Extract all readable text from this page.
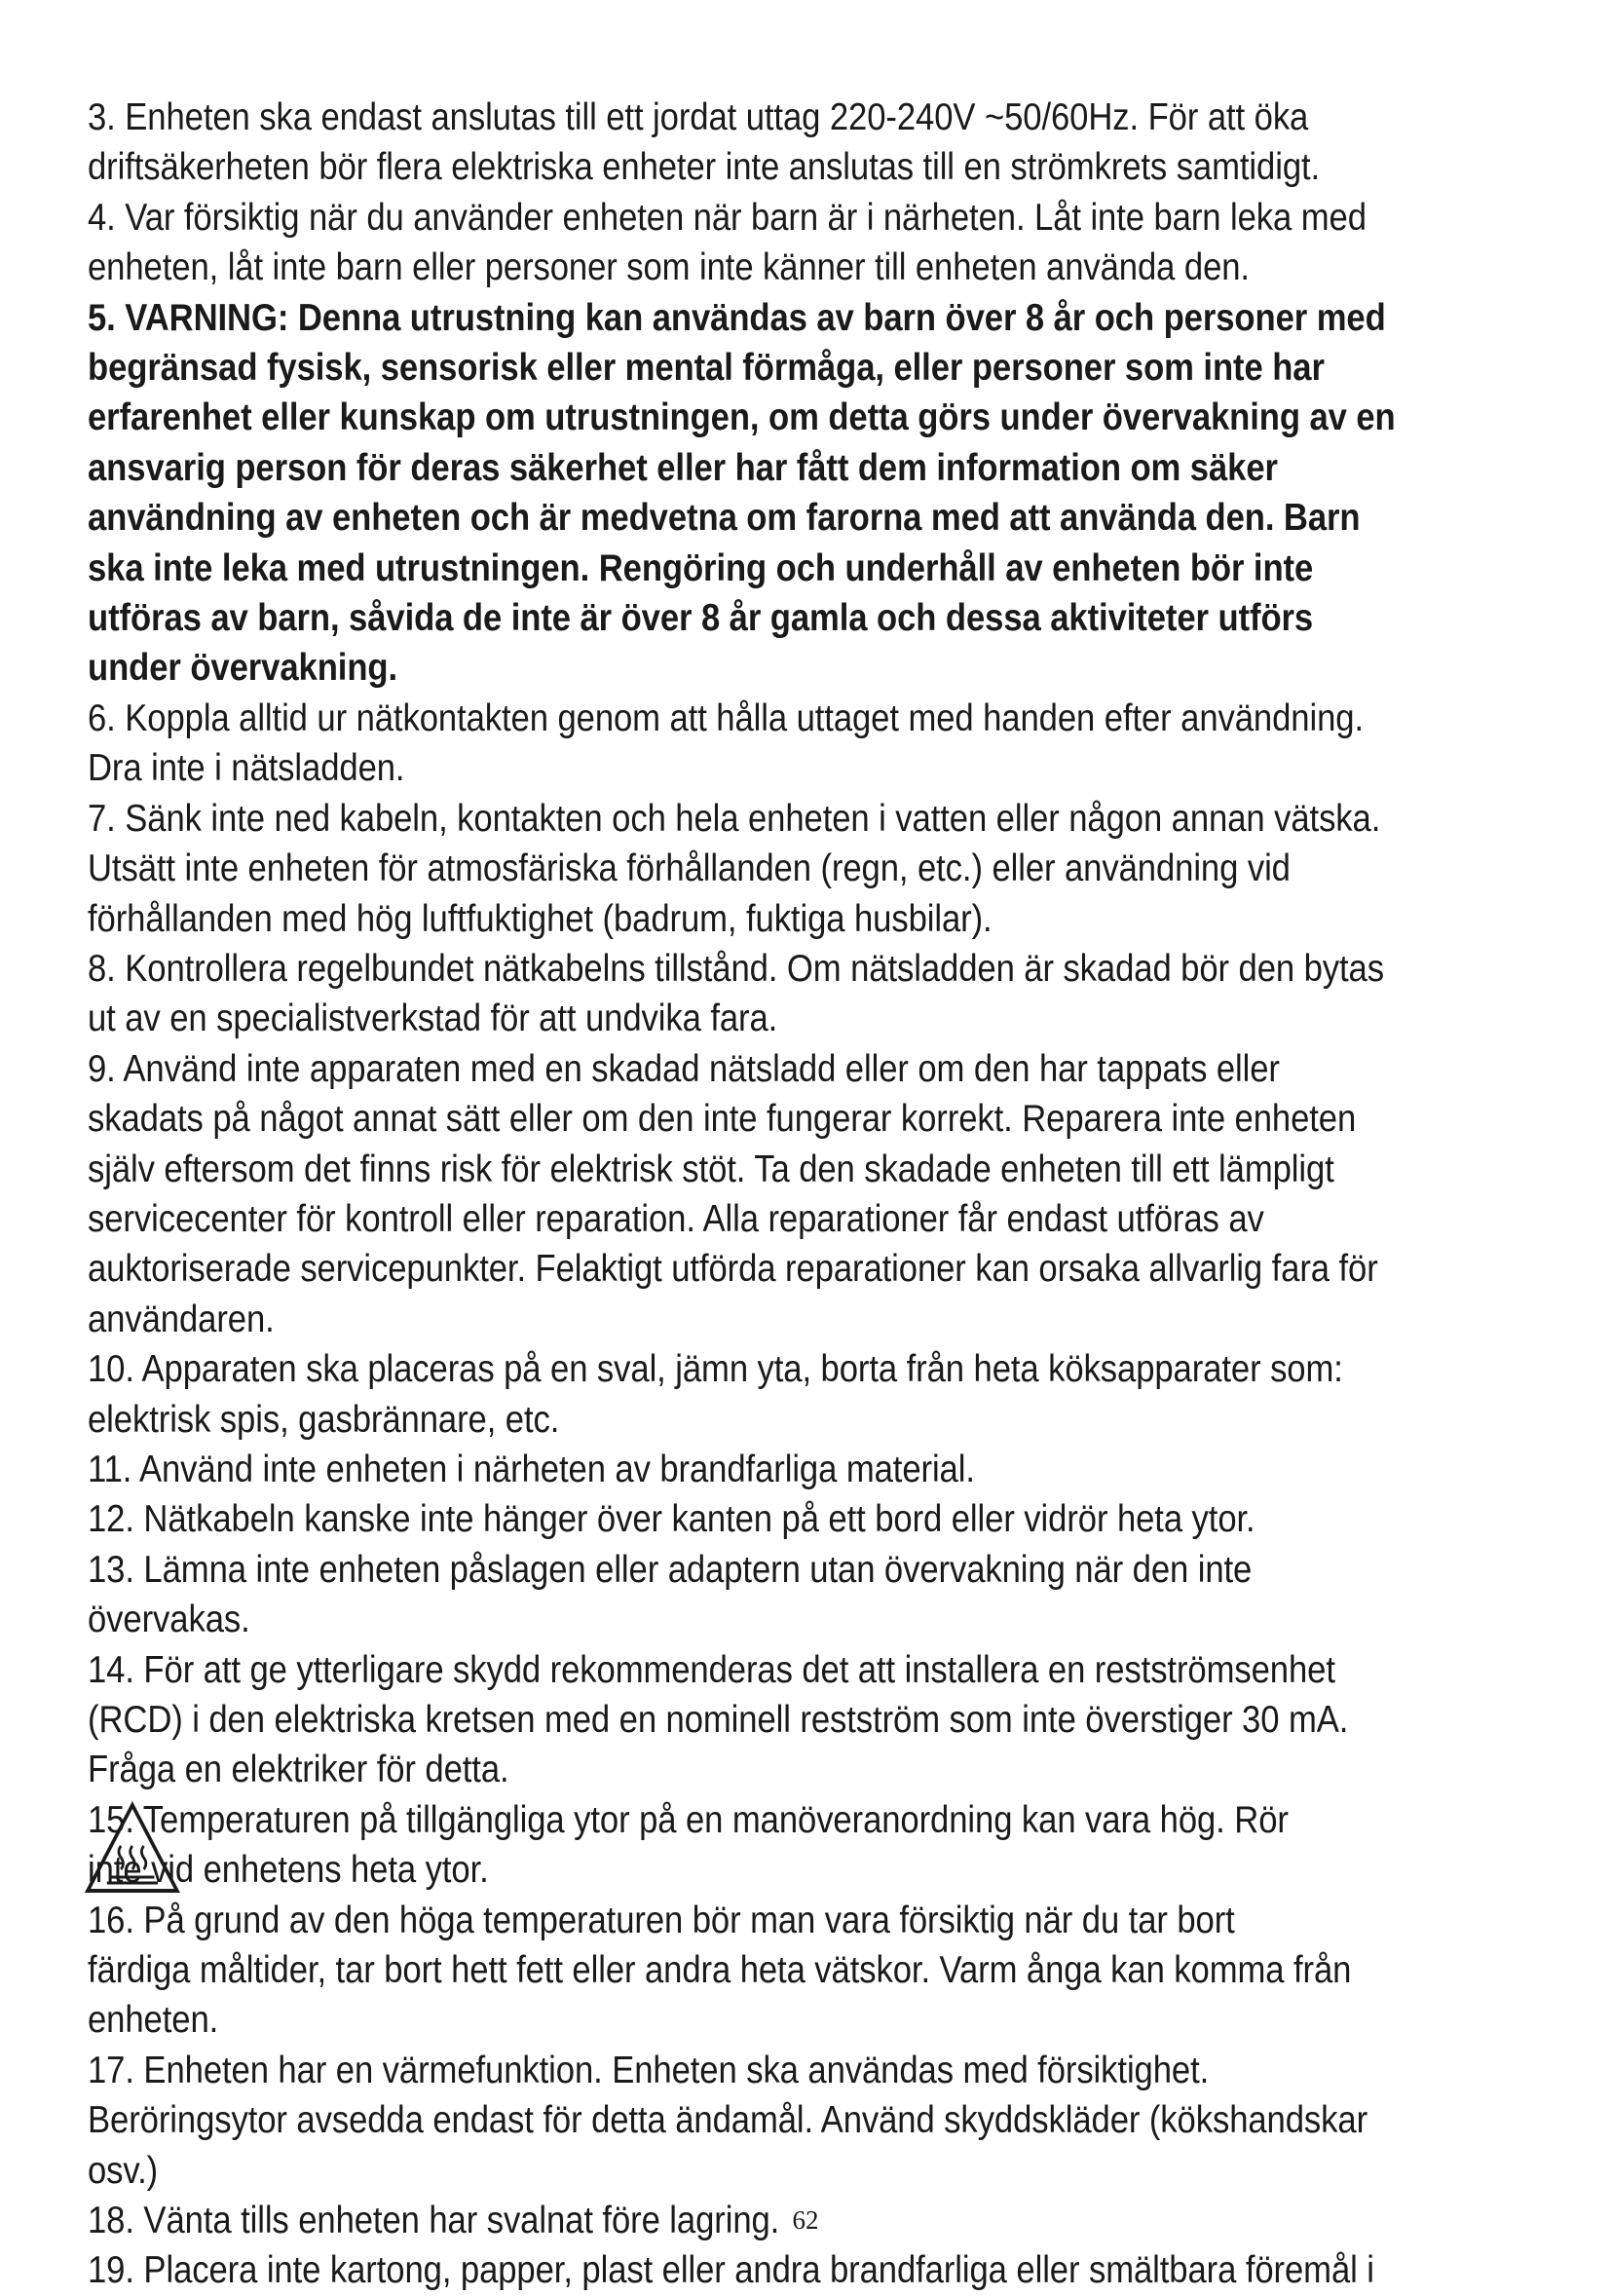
3. Enheten ska endast anslutas till ett jordat uttag 220-240V ~50/60Hz. För att öka driftsäkerheten bör flera elektriska enheter inte anslutas till en strömkrets samtidigt.

4. Var försiktig när du använder enheten när barn är i närheten. Låt inte barn leka med enheten, låt inte barn eller personer som inte känner till enheten använda den.

5. VARNING: Denna utrustning kan användas av barn över 8 år och personer med begränsad fysisk, sensorisk eller mental förmåga, eller personer som inte har erfarenhet eller kunskap om utrustningen, om detta görs under övervakning av en ansvarig person för deras säkerhet eller har fått dem information om säker användning av enheten och är medvetna om farorna med att använda den. Barn ska inte leka med utrustningen. Rengöring och underhåll av enheten bör inte utföras av barn, såvida de inte är över 8 år gamla och dessa aktiviteter utförs under övervakning.

6. Koppla alltid ur nätkontakten genom att hålla uttaget med handen efter användning. Dra inte i nätsladden.

7. Sänk inte ned kabeln, kontakten och hela enheten i vatten eller någon annan vätska. Utsätt inte enheten för atmosfäriska förhållanden (regn, etc.) eller användning vid förhållanden med hög luftfuktighet (badrum, fuktiga husbilar).

8. Kontrollera regelbundet nätkabelns tillstånd. Om nätsladden är skadad bör den bytas ut av en specialistverkstad för att undvika fara.

9. Använd inte apparaten med en skadad nätsladd eller om den har tappats eller skadats på något annat sätt eller om den inte fungerar korrekt. Reparera inte enheten själv eftersom det finns risk för elektrisk stöt. Ta den skadade enheten till ett lämpligt servicecenter för kontroll eller reparation. Alla reparationer får endast utföras av auktoriserade servicepunkter. Felaktigt utförda reparationer kan orsaka allvarlig fara för användaren.

10. Apparaten ska placeras på en sval, jämn yta, borta från heta köksapparater som: elektrisk spis, gasbrännare, etc.

11. Använd inte enheten i närheten av brandfarliga material.

12. Nätkabeln kanske inte hänger över kanten på ett bord eller vidrör heta ytor.

13. Lämna inte enheten påslagen eller adaptern utan övervakning när den inte övervakas.

14. För att ge ytterligare skydd rekommenderas det att installera en restströmsenhet (RCD) i den elektriska kretsen med en nominell restström som inte överstiger 30 mA. Fråga en elektriker för detta.

15. Temperaturen på tillgängliga ytor på en manöveranordning kan vara hög. Rör

inte vid enhetens heta ytor.

16. På grund av den höga temperaturen bör man vara försiktig när du tar bort

färdiga måltider, tar bort hett fett eller andra heta vätskor. Varm ånga kan komma från enheten.

17. Enheten har en värmefunktion. Enheten ska användas med försiktighet. Beröringsytor avsedda endast för detta ändamål. Använd skyddskläder (kökshandskar osv.)

18. Vänta tills enheten har svalnat före lagring.

19. Placera inte kartong, papper, plast eller andra brandfarliga eller smältbara föremål i

62
